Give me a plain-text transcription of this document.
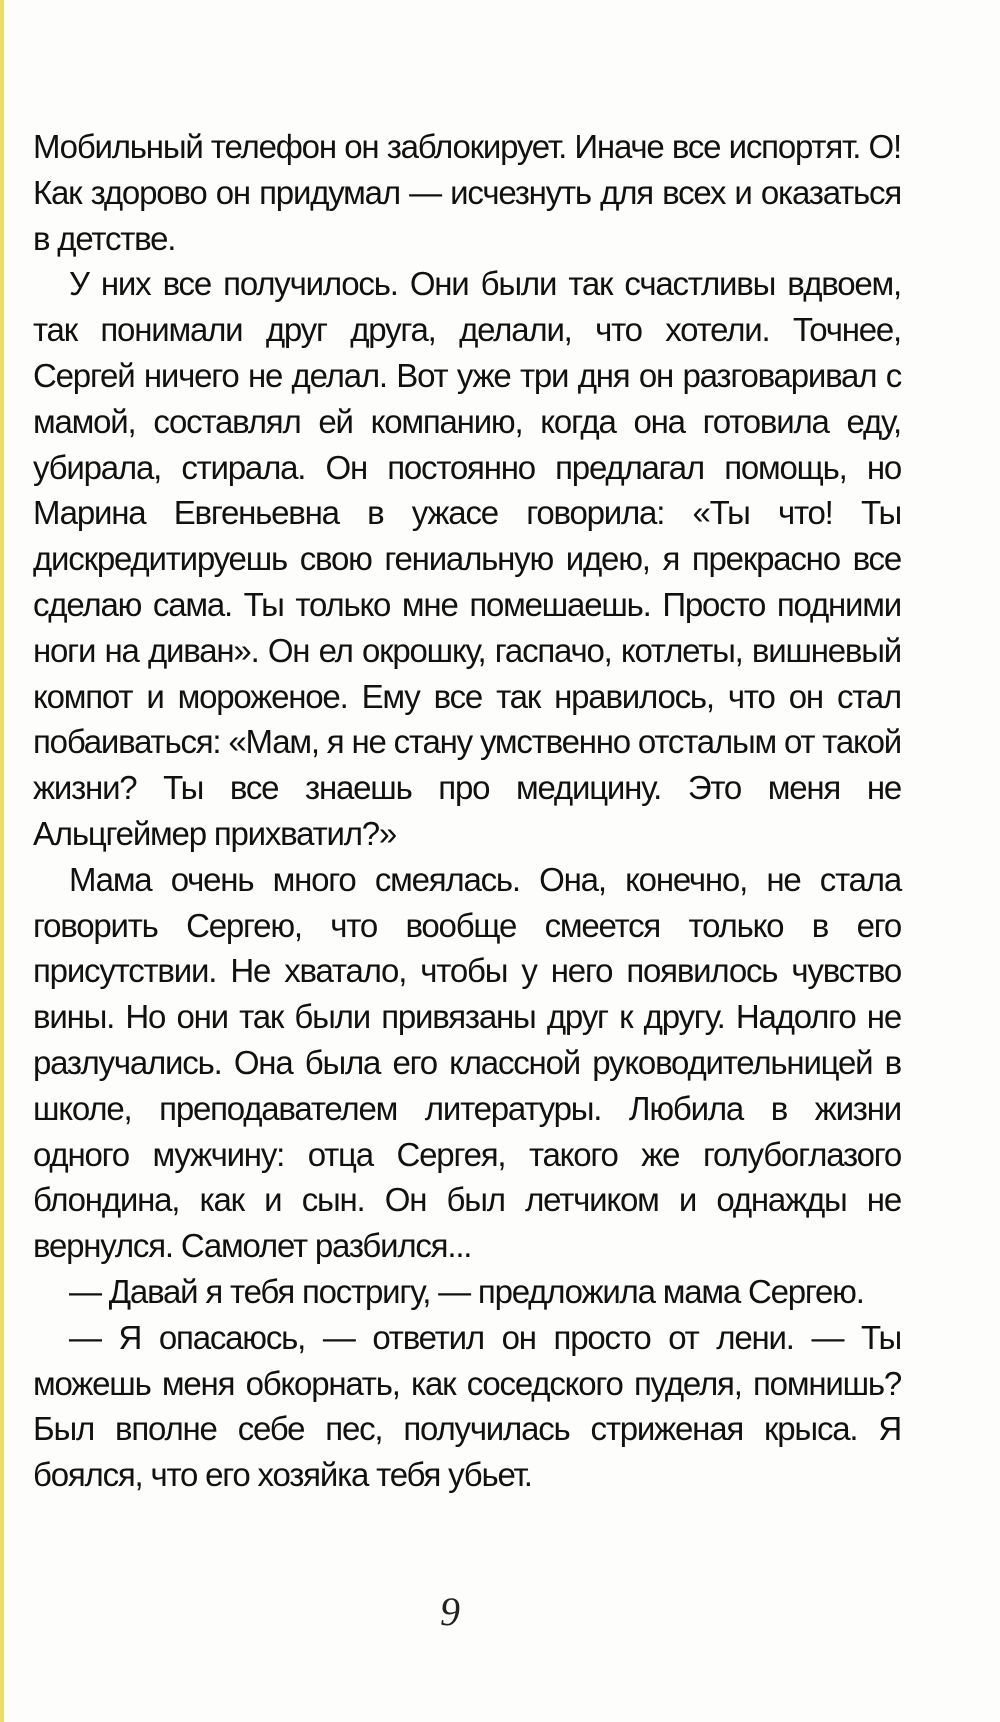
Мобильный телефон он заблокирует. Иначе все испортят. О! Как здорово он придумал — исчезнуть для всех и оказаться в детстве.

У них все получилось. Они были так счастливы вдвоем, так понимали друг друга, делали, что хотели. Точнее, Сергей ничего не делал. Вот уже три дня он разговаривал с мамой, составлял ей компанию, когда она готовила еду, убирала, стирала. Он постоянно предлагал помощь, но Марина Евгеньевна в ужасе говорила: «Ты что! Ты дискредитируешь свою гениальную идею, я прекрасно все сделаю сама. Ты только мне помешаешь. Просто подними ноги на диван». Он ел окрошку, гаспачо, котлеты, вишневый компот и мороженое. Ему все так нравилось, что он стал побаиваться: «Мам, я не стану умственно отсталым от такой жизни? Ты все знаешь про медицину. Это меня не Альцгеймер прихватил?»

Мама очень много смеялась. Она, конечно, не стала говорить Сергею, что вообще смеется только в его присутствии. Не хватало, чтобы у него появилось чувство вины. Но они так были привязаны друг к другу. Надолго не разлучались. Она была его классной руководительницей в школе, преподавателем литературы. Любила в жизни одного мужчину: отца Сергея, такого же голубоглазого блондина, как и сын. Он был летчиком и однажды не вернулся. Самолет разбился...

— Давай я тебя постригу, — предложила мама Сергею.

— Я опасаюсь, — ответил он просто от лени. — Ты можешь меня обкорнать, как соседского пуделя, помнишь? Был вполне себе пес, получилась стриженая крыса. Я боялся, что его хозяйка тебя убьет.

9
